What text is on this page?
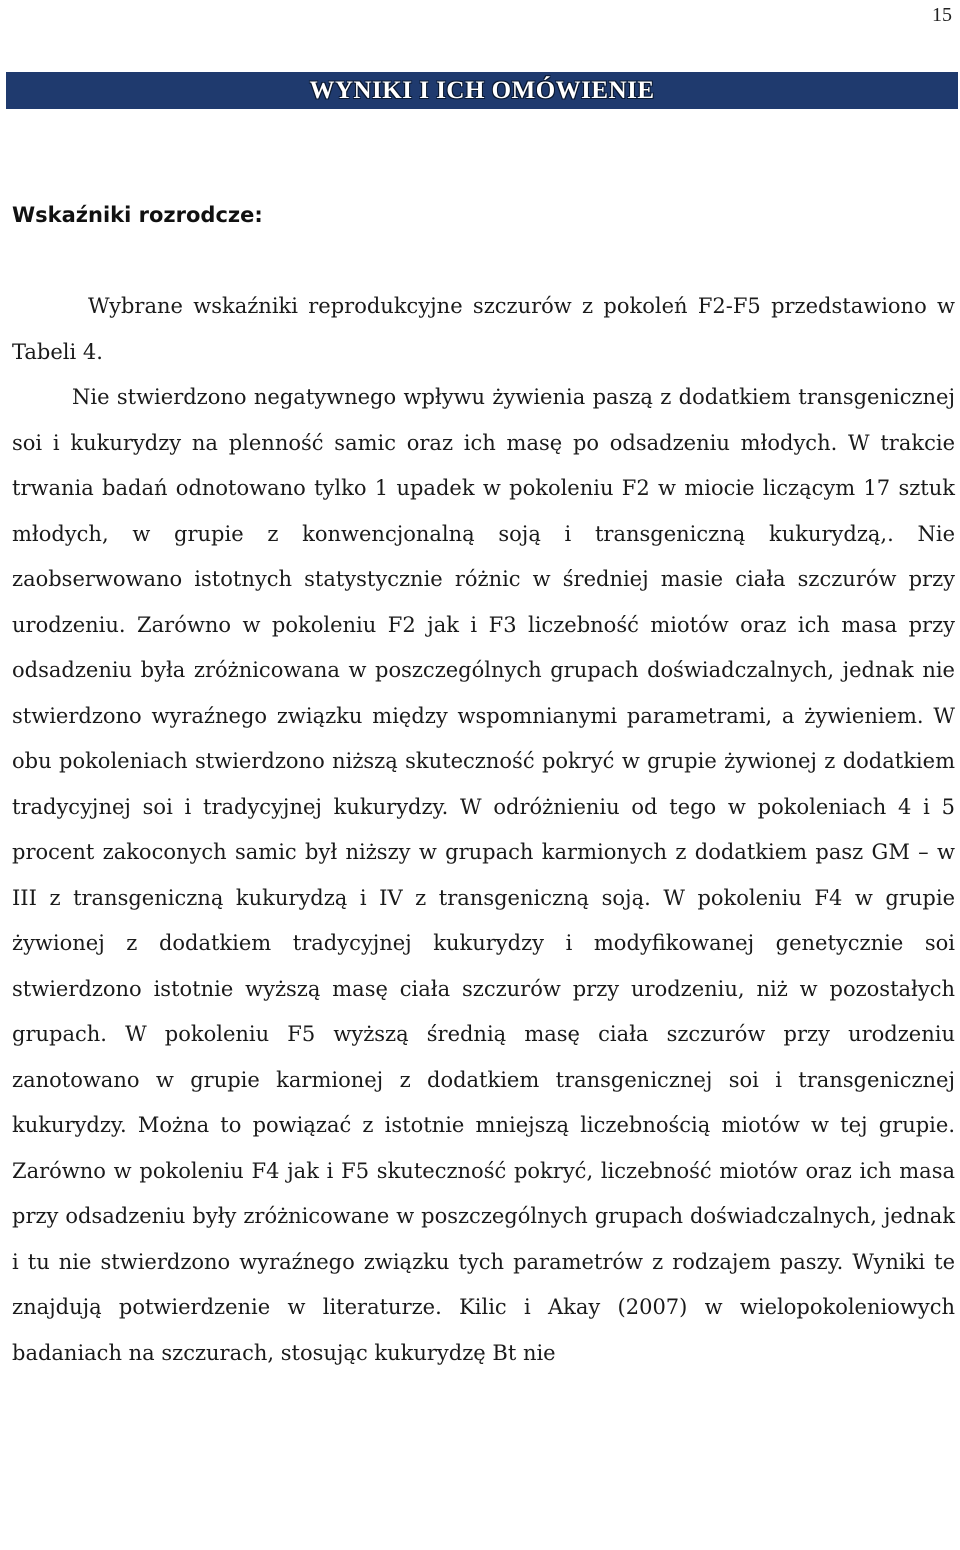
15
WYNIKI I ICH OMÓWIENIE
Wskaźniki rozrodcze:

Wybrane wskaźniki reprodukcyjne szczurów z pokoleń F2-F5 przedstawiono w Tabeli 4.

Nie stwierdzono negatywnego wpływu żywienia paszą z dodatkiem transgenicznej soi i kukurydzy na plenność samic oraz ich masę po odsadzeniu młodych. W trakcie trwania badań odnotowano tylko 1 upadek w pokoleniu F2 w miocie liczącym 17 sztuk młodych, w grupie z konwencjonalną soją i transgeniczną kukurydzą,. Nie zaobserwowano istotnych statystycznie różnic w średniej masie ciała szczurów przy urodzeniu. Zarówno w pokoleniu F2 jak i F3 liczebność miotów oraz ich masa przy odsadzeniu była zróżnicowana w poszczególnych grupach doświadczalnych, jednak nie stwierdzono wyraźnego związku między wspomnianymi parametrami, a żywieniem. W obu pokoleniach stwierdzono niższą skuteczność pokryć w grupie żywionej z dodatkiem tradycyjnej soi i tradycyjnej kukurydzy. W odróżnieniu od tego w pokoleniach 4 i 5 procent zakoconych samic był niższy w grupach karmionych z dodatkiem pasz GM – w III z transgeniczną kukurydzą i IV z transgeniczną soją. W pokoleniu F4 w grupie żywionej z dodatkiem tradycyjnej kukurydzy i modyfikowanej genetycznie soi stwierdzono istotnie wyższą masę ciała szczurów przy urodzeniu, niż w pozostałych grupach. W pokoleniu F5 wyższą średnią masę ciała szczurów przy urodzeniu zanotowano w grupie karmionej z dodatkiem transgenicznej soi i transgenicznej kukurydzy. Można to powiązać z istotnie mniejszą liczebnością miotów w tej grupie. Zarówno w pokoleniu F4 jak i F5 skuteczność pokryć, liczebność miotów oraz ich masa przy odsadzeniu były zróżnicowane w poszczególnych grupach doświadczalnych, jednak i tu nie stwierdzono wyraźnego związku tych parametrów z rodzajem paszy. Wyniki te znajdują potwierdzenie w literaturze. Kilic i Akay (2007) w wielopokoleniowych badaniach na szczurach, stosując kukurydzę Bt nie
